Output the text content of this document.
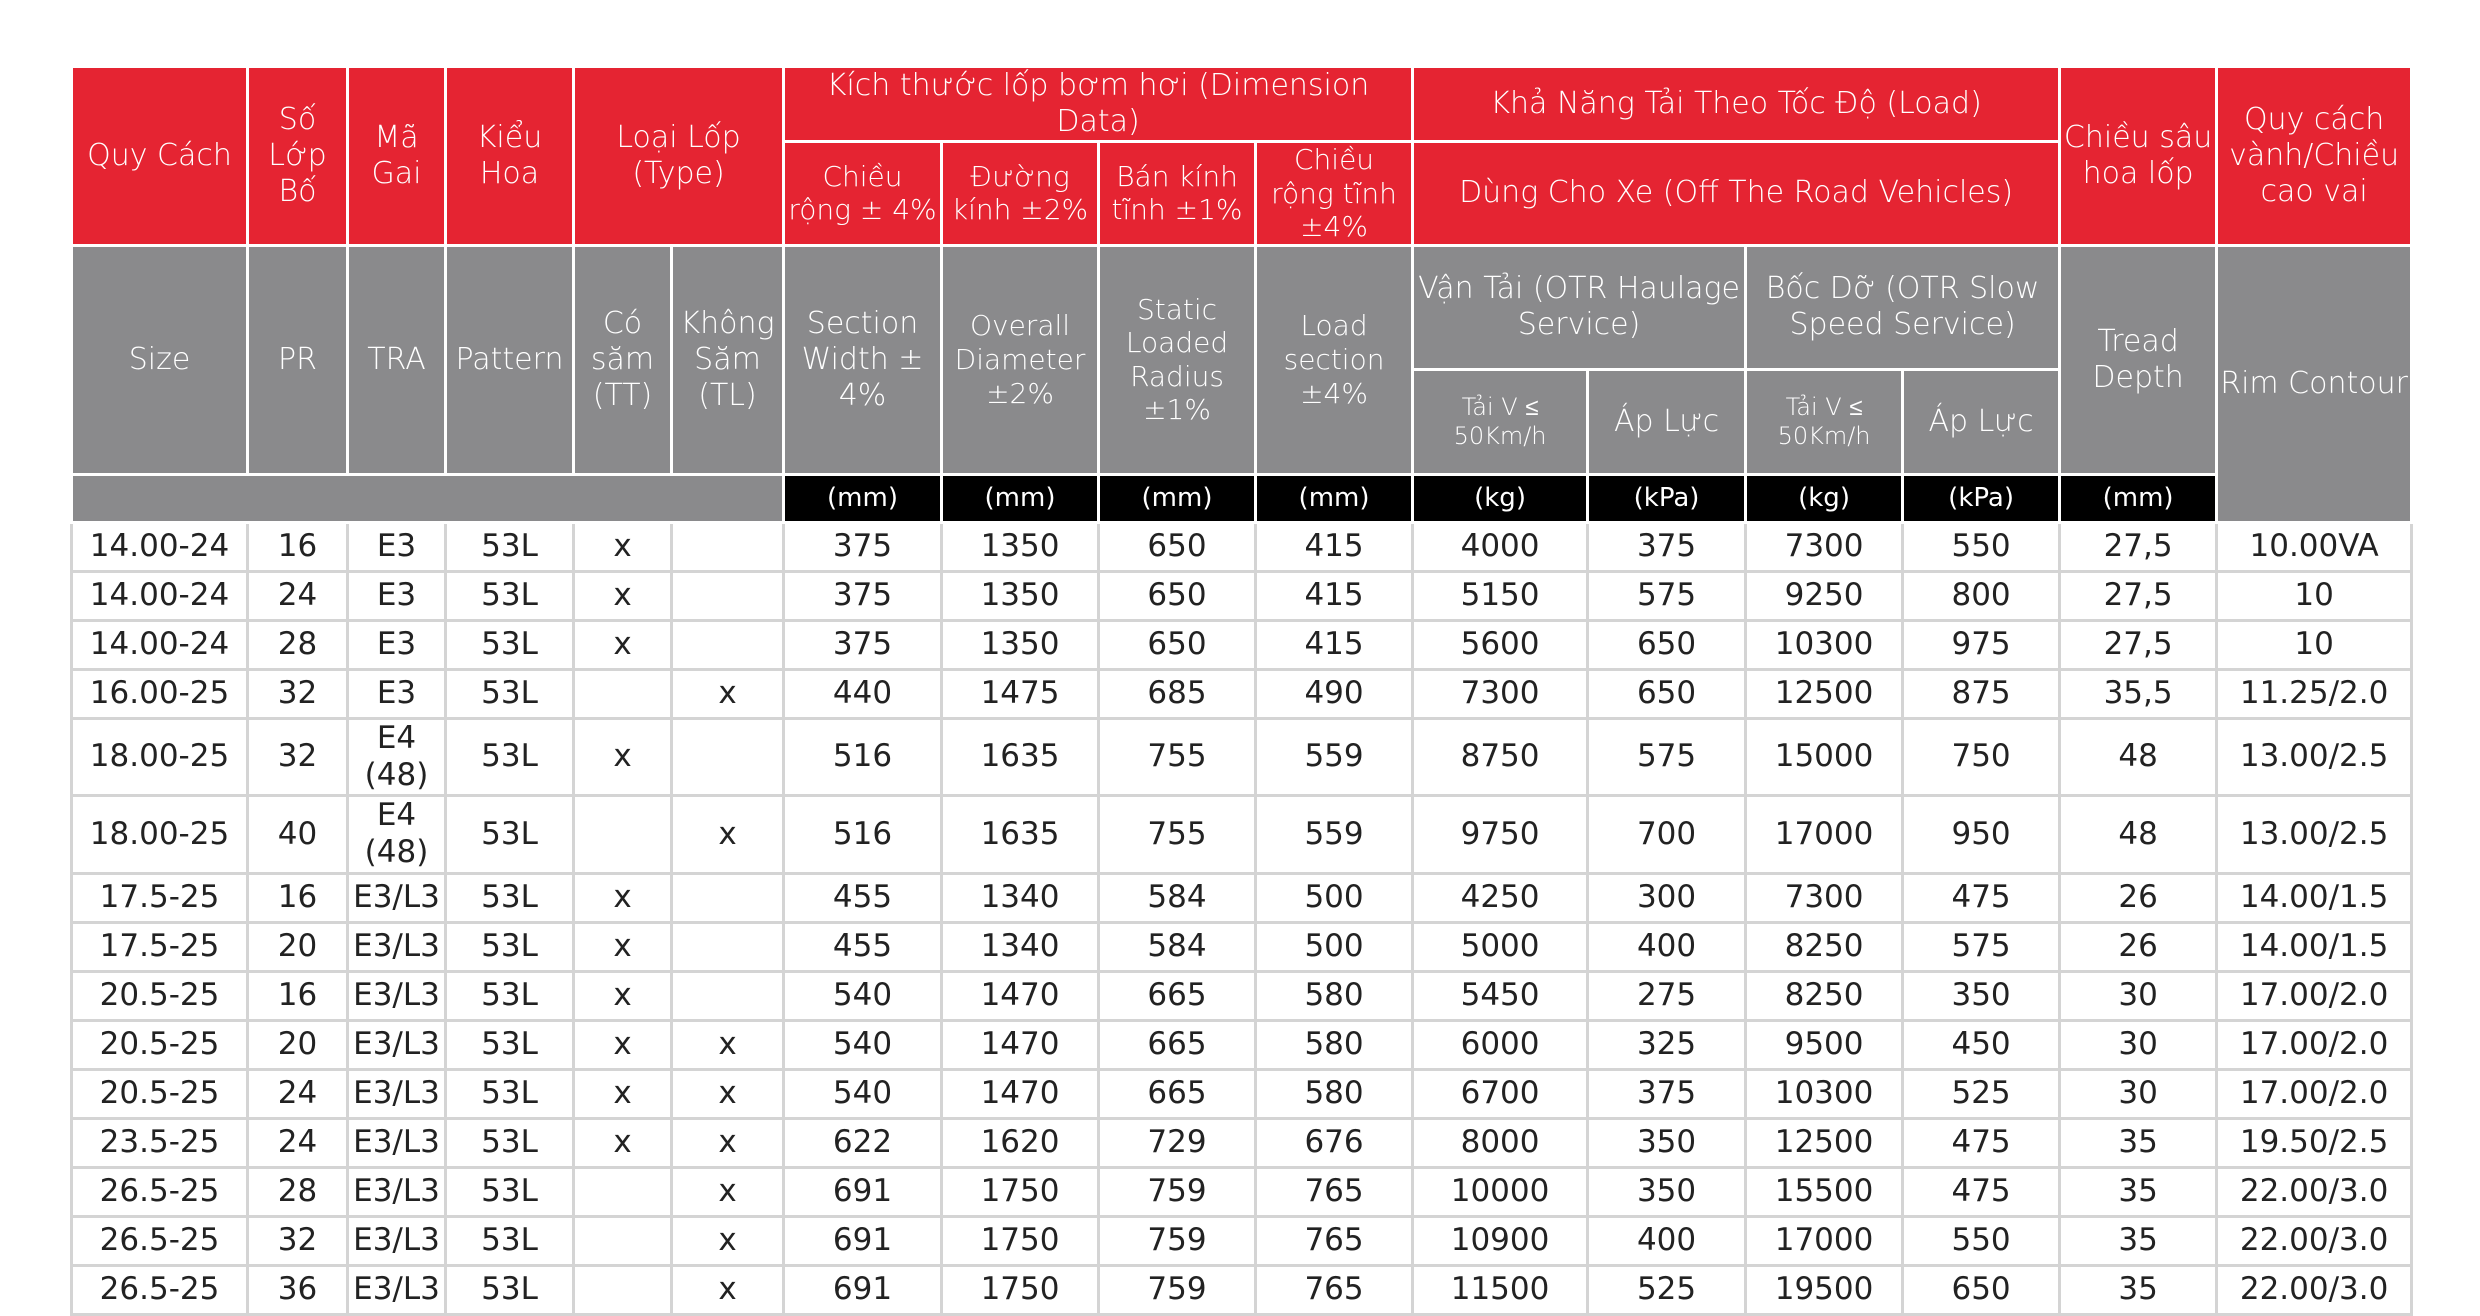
Quy Cách	Số Lớp Bố	Mã Gai	Kiểu Hoa	Loại Lốp (Type)		Kích thước lốp bơm hơi (Dimension Data)				Khả Năng Tải Theo Tốc Độ (Load)				Chiều sâu hoa lốp	Quy cách vành/Chiều cao vai
						Chiều rộng ± 4%	Đường kính ±2%	Bán kính tĩnh ±1%	Chiều rộng tĩnh ±4%	Dùng Cho Xe (Off The Road Vehicles)					
Size	PR	TRA	Pattern	Có săm (TT)	Không Săm (TL)	Section Width ± 4%	Overall Diameter ±2%	Static Loaded Radius ±1%	Load section ±4%	Vận Tải (OTR Haulage Service)		Bốc Dỡ (OTR Slow Speed Service)		Tread Depth	Rim Contour
										Tải V ≤ 50Km/h	Áp Lực	Tải V ≤ 50Km/h	Áp Lực		
						(mm)	(mm)	(mm)	(mm)	(kg)	(kPa)	(kg)	(kPa)	(mm)	
14.00-24	16	E3	53L	x		375	1350	650	415	4000	375	7300	550	27,5	10.00VA
14.00-24	24	E3	53L	x		375	1350	650	415	5150	575	9250	800	27,5	10
14.00-24	28	E3	53L	x		375	1350	650	415	5600	650	10300	975	27,5	10
16.00-25	32	E3	53L		x	440	1475	685	490	7300	650	12500	875	35,5	11.25/2.0
18.00-25	32	E4 (48)	53L	x		516	1635	755	559	8750	575	15000	750	48	13.00/2.5
18.00-25	40	E4 (48)	53L		x	516	1635	755	559	9750	700	17000	950	48	13.00/2.5
17.5-25	16	E3/L3	53L	x		455	1340	584	500	4250	300	7300	475	26	14.00/1.5
17.5-25	20	E3/L3	53L	x		455	1340	584	500	5000	400	8250	575	26	14.00/1.5
20.5-25	16	E3/L3	53L	x		540	1470	665	580	5450	275	8250	350	30	17.00/2.0
20.5-25	20	E3/L3	53L	x	x	540	1470	665	580	6000	325	9500	450	30	17.00/2.0
20.5-25	24	E3/L3	53L	x	x	540	1470	665	580	6700	375	10300	525	30	17.00/2.0
23.5-25	24	E3/L3	53L	x	x	622	1620	729	676	8000	350	12500	475	35	19.50/2.5
26.5-25	28	E3/L3	53L		x	691	1750	759	765	10000	350	15500	475	35	22.00/3.0
26.5-25	32	E3/L3	53L		x	691	1750	759	765	10900	400	17000	550	35	22.00/3.0
26.5-25	36	E3/L3	53L		x	691	1750	759	765	11500	525	19500	650	35	22.00/3.0
